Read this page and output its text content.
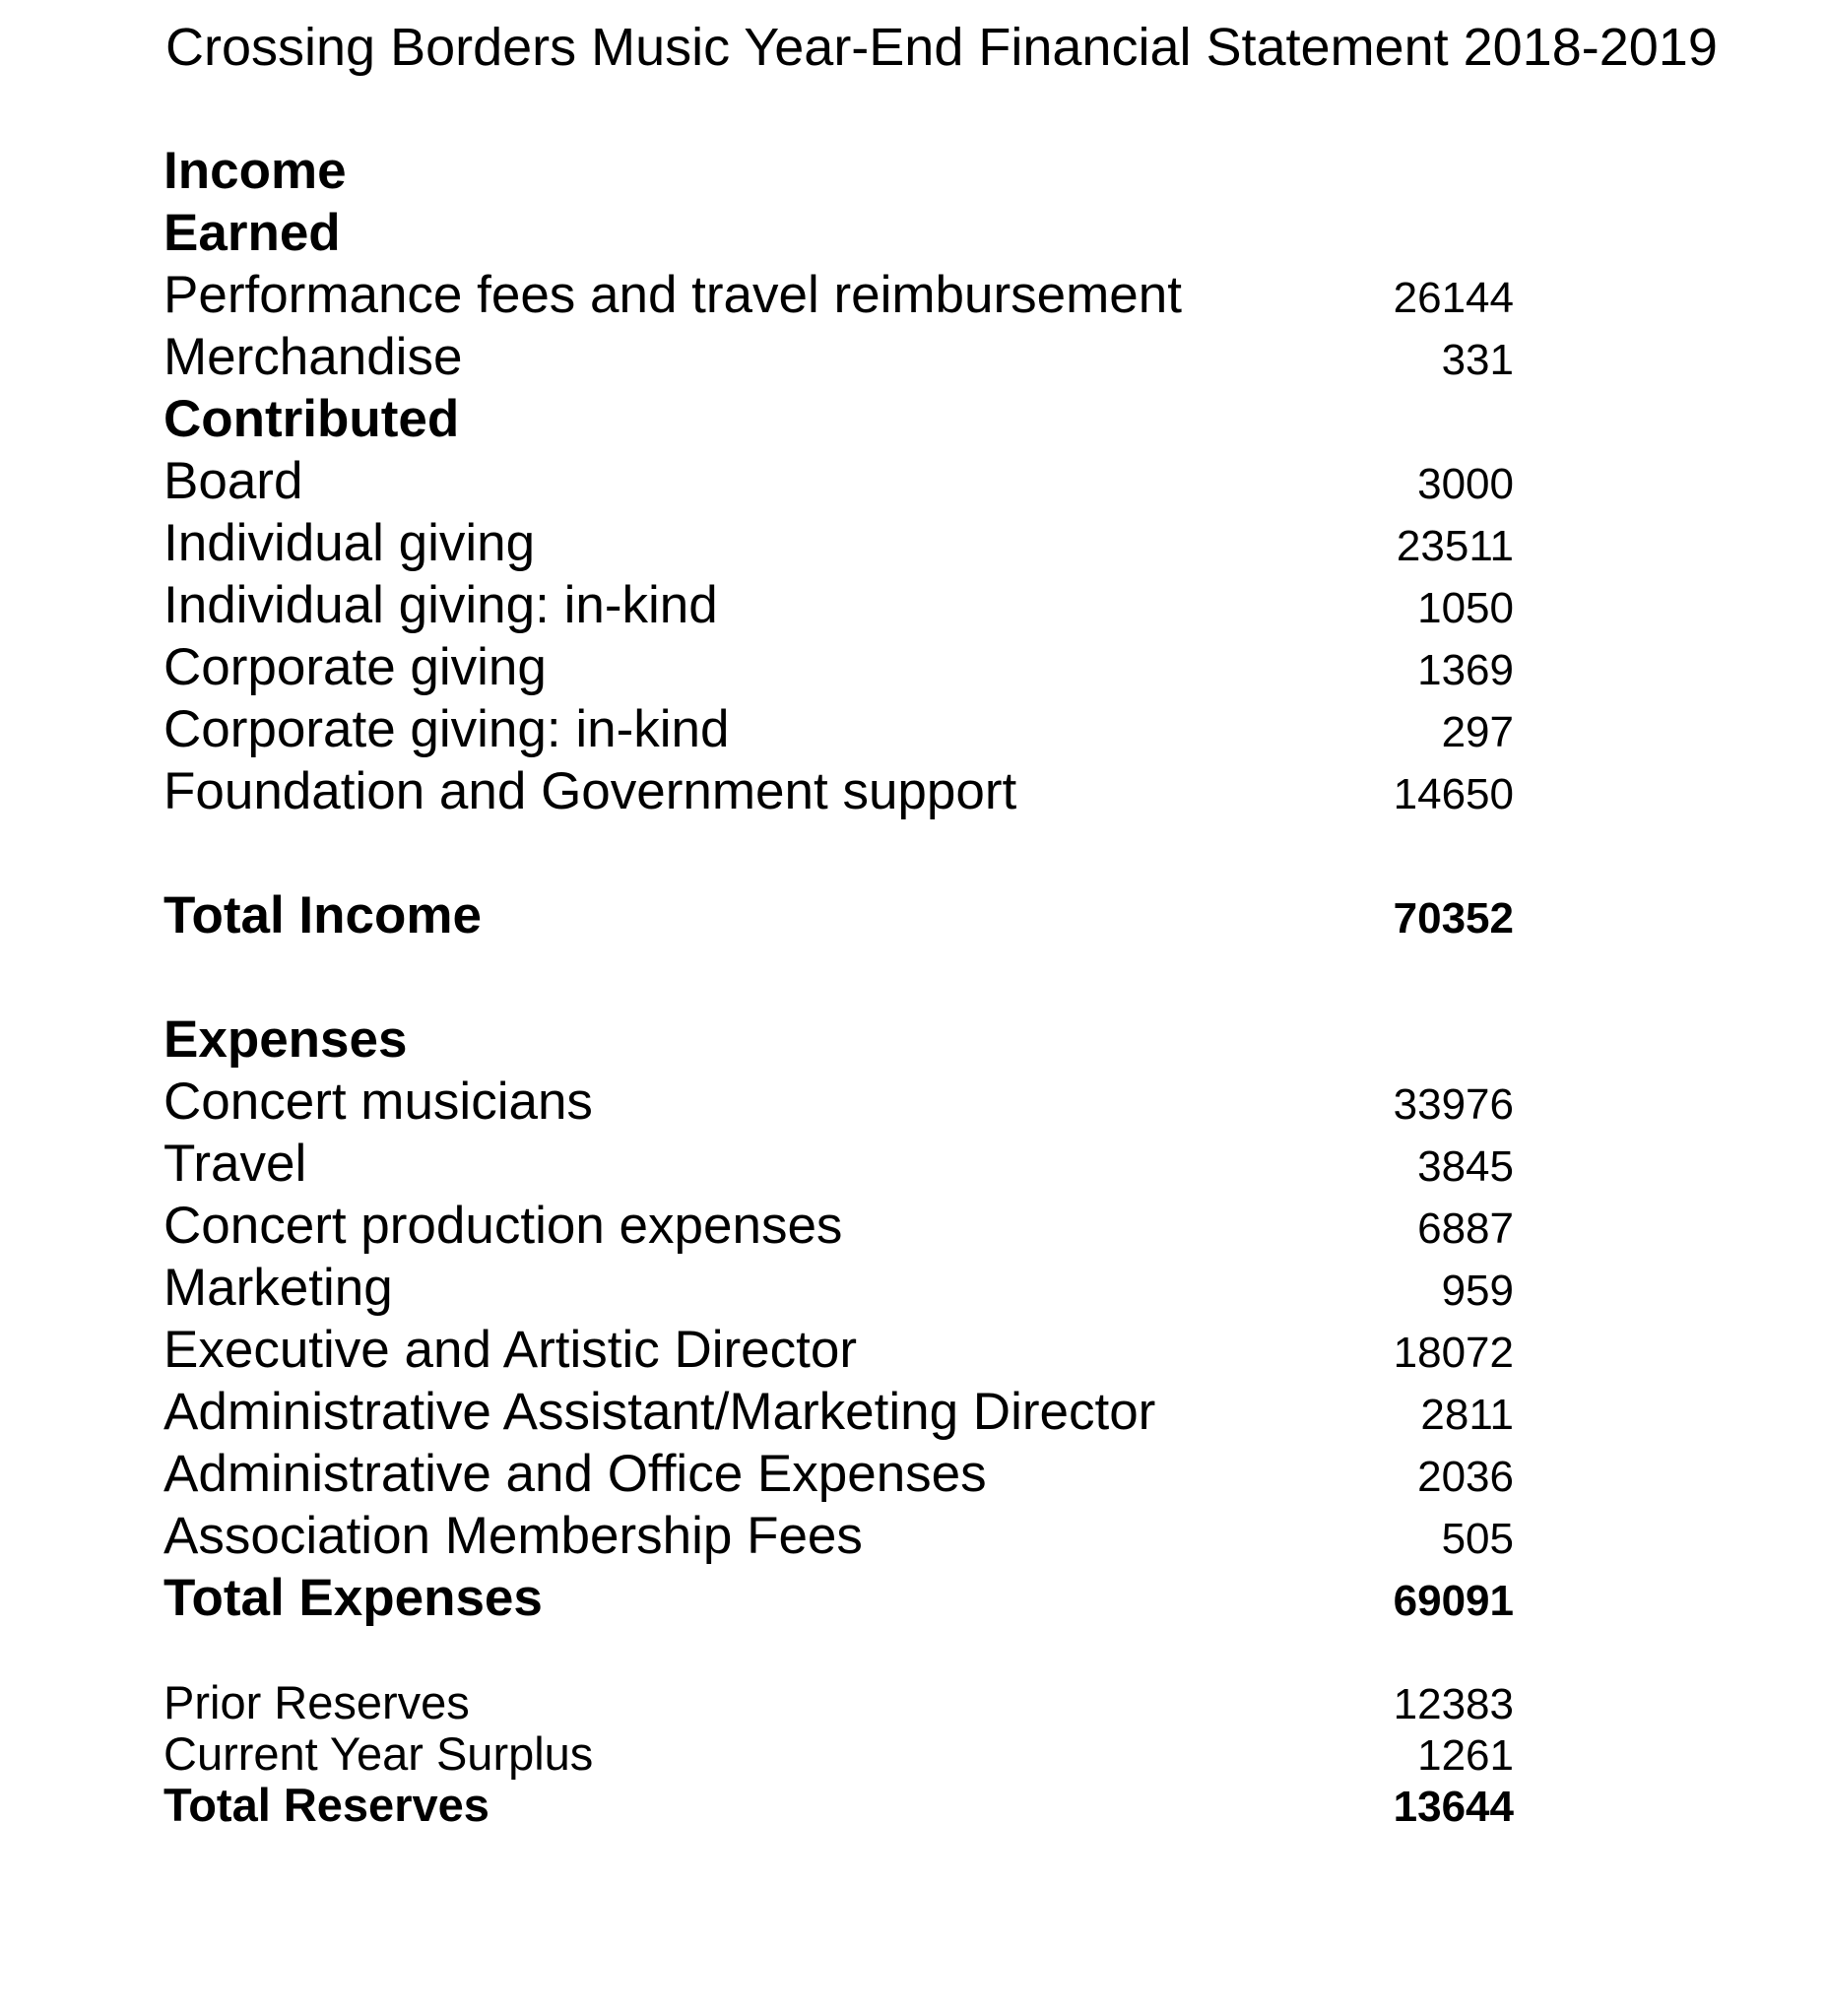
Crossing Borders Music Year-End Financial Statement 2018-2019
Income
Earned
Performance fees and travel reimbursement	26144
Merchandise	331
Contributed
Board	3000
Individual giving	23511
Individual giving: in-kind	1050
Corporate giving	1369
Corporate giving: in-kind	297
Foundation and Government support	14650
Total Income	70352
Expenses
Concert musicians	33976
Travel	3845
Concert production expenses	6887
Marketing	959
Executive and Artistic Director	18072
Administrative Assistant/Marketing Director	2811
Administrative and Office Expenses	2036
Association Membership Fees	505
Total Expenses	69091
Prior Reserves	12383
Current Year Surplus	1261
Total Reserves	13644
